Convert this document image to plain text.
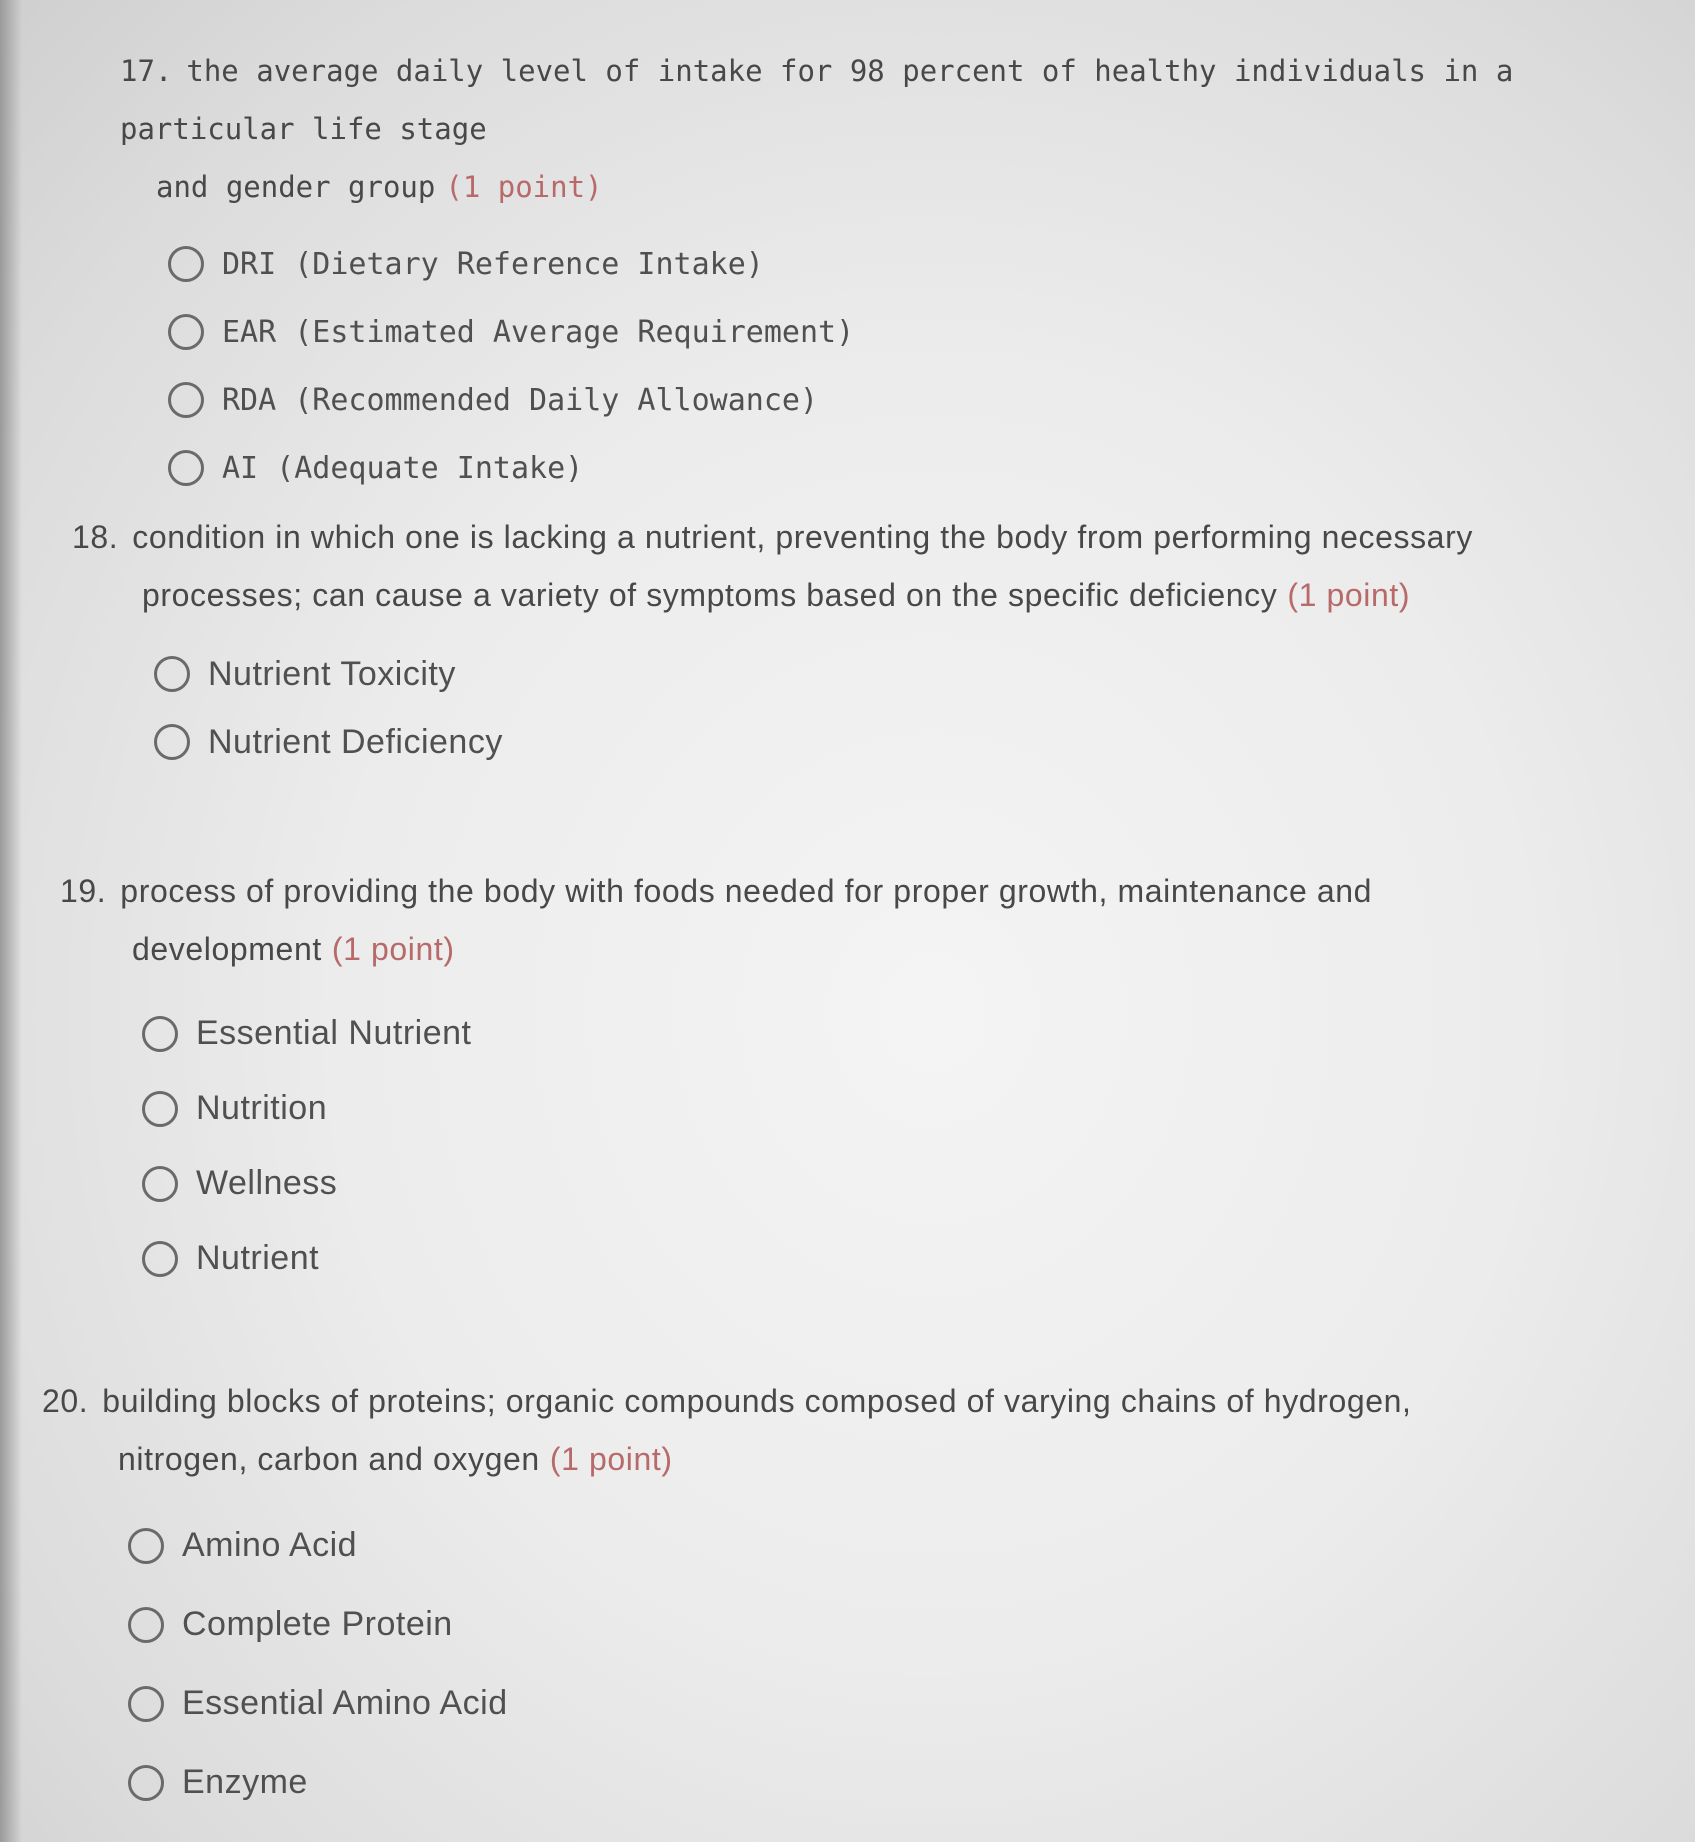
17. the average daily level of intake for 98 percent of healthy individuals in a particular life stage
and gender group (1 point)
DRI (Dietary Reference Intake)
EAR (Estimated Average Requirement)
RDA (Recommended Daily Allowance)
AI (Adequate Intake)
18. condition in which one is lacking a nutrient, preventing the body from performing necessary
processes; can cause a variety of symptoms based on the specific deficiency (1 point)
Nutrient Toxicity
Nutrient Deficiency
19. process of providing the body with foods needed for proper growth, maintenance and
development (1 point)
Essential Nutrient
Nutrition
Wellness
Nutrient
20. building blocks of proteins; organic compounds composed of varying chains of hydrogen,
nitrogen, carbon and oxygen (1 point)
Amino Acid
Complete Protein
Essential Amino Acid
Enzyme
